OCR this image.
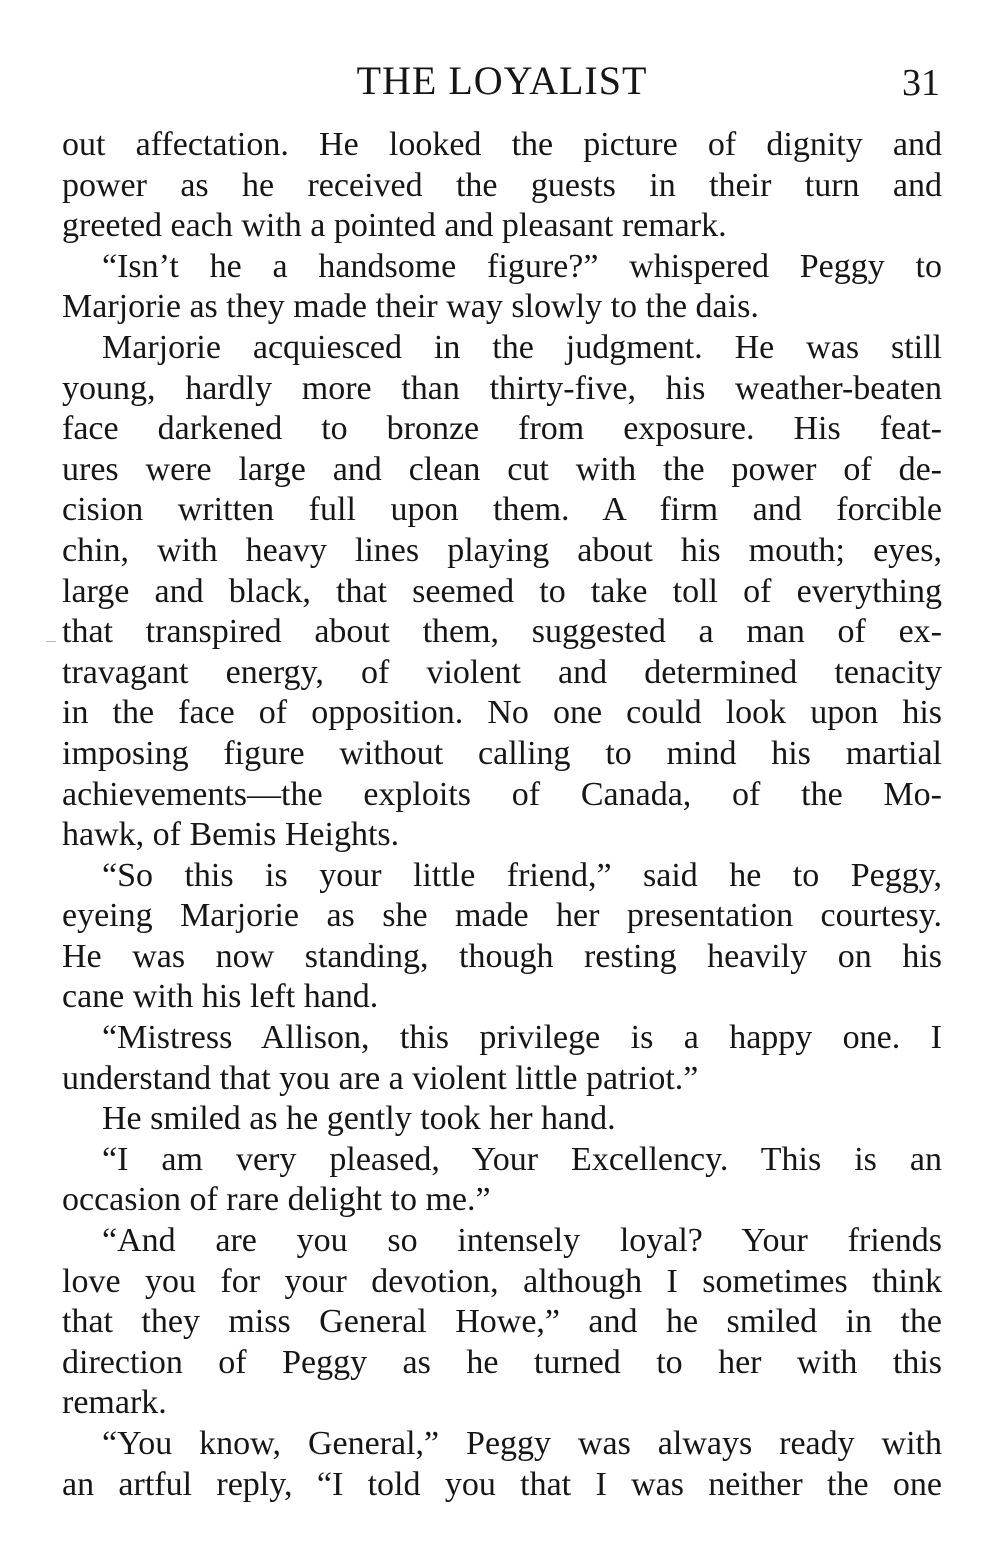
THE LOYALIST	31
out affectation. He looked the picture of dignity and
power as he received the guests in their turn and
greeted each with a pointed and pleasant remark.
“Isn’t he a handsome figure?” whispered Peggy to
Marjorie as they made their way slowly to the dais.
Marjorie acquiesced in the judgment. He was still
young, hardly more than thirty-five, his weather-beaten
face darkened to bronze from exposure. His feat-
ures were large and clean cut with the power of de-
cision written full upon them. A firm and forcible
chin, with heavy lines playing about his mouth; eyes,
large and black, that seemed to take toll of everything
that transpired about them, suggested a man of ex-
travagant energy, of violent and determined tenacity
in the face of opposition. No one could look upon his
imposing figure without calling to mind his martial
achievements—the exploits of Canada, of the Mo-
hawk, of Bemis Heights.
“So this is your little friend,” said he to Peggy,
eyeing Marjorie as she made her presentation courtesy.
He was now standing, though resting heavily on his
cane with his left hand.
“Mistress Allison, this privilege is a happy one. I
understand that you are a violent little patriot.”
He smiled as he gently took her hand.
“I am very pleased, Your Excellency. This is an
occasion of rare delight to me.”
“And are you so intensely loyal? Your friends
love you for your devotion, although I sometimes think
that they miss General Howe,” and he smiled in the
direction of Peggy as he turned to her with this
remark.
“You know, General,” Peggy was always ready with
an artful reply, “I told you that I was neither the one
